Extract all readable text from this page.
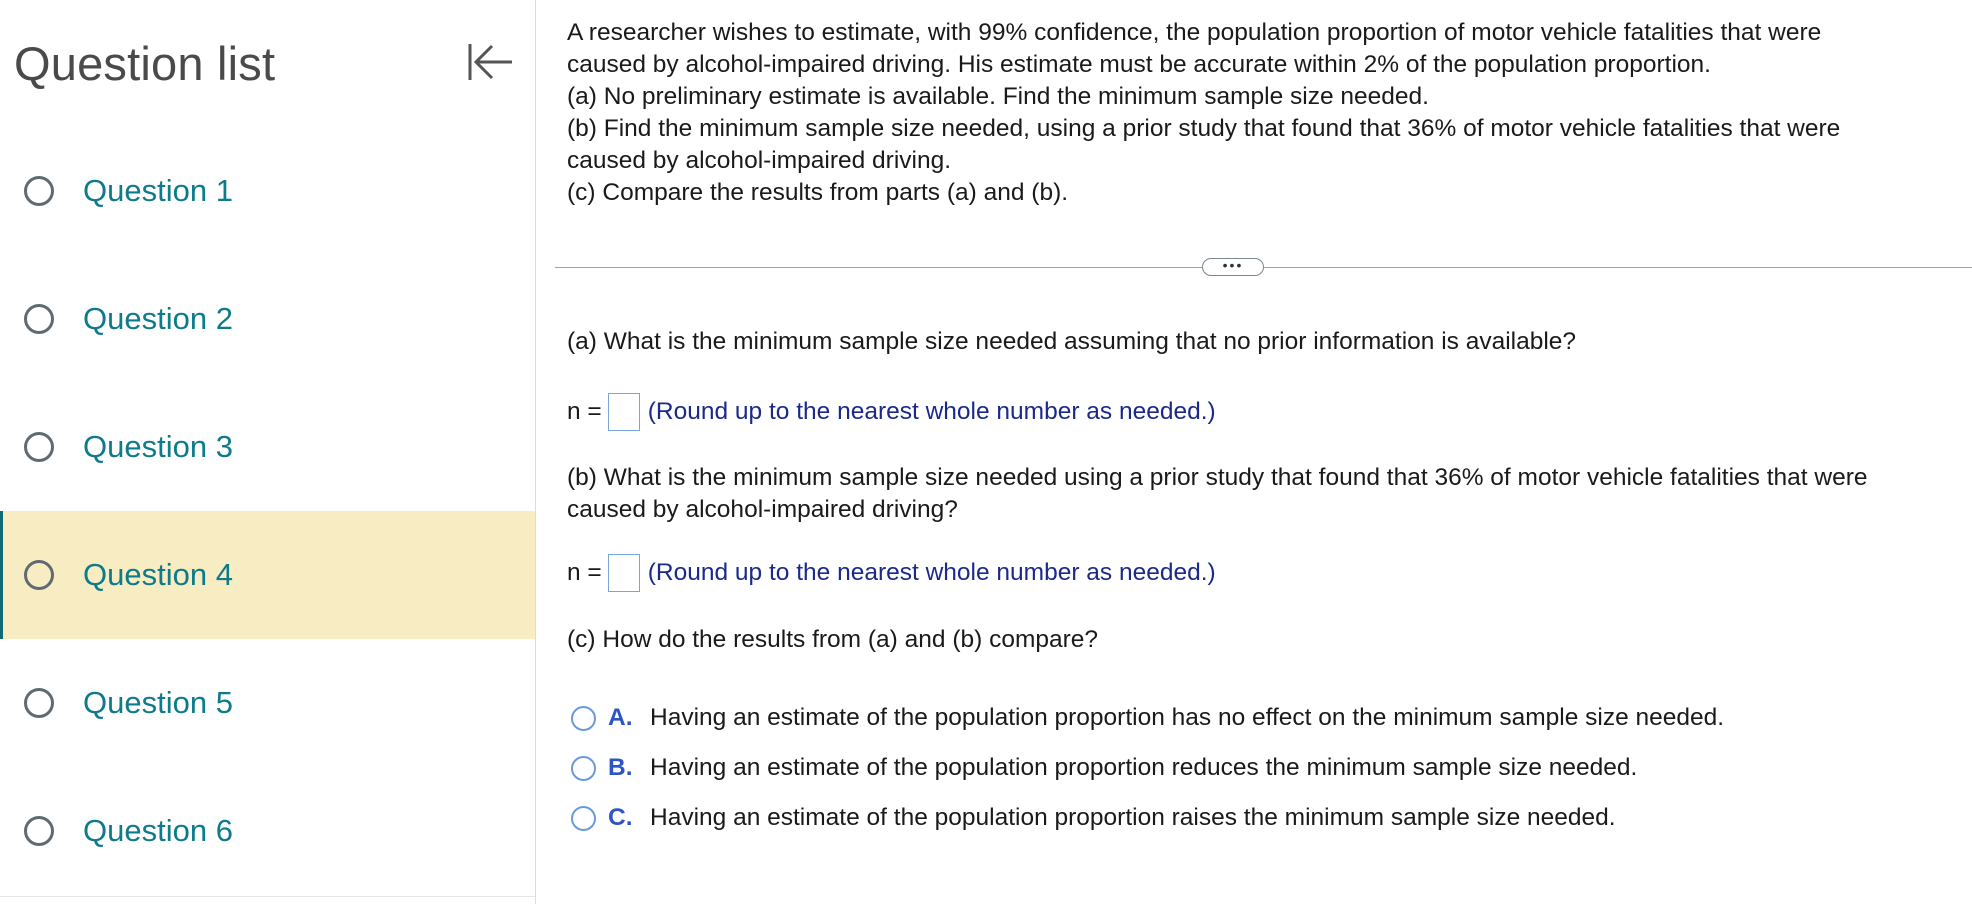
Question list
Question 1
Question 2
Question 3
Question 4
Question 5
Question 6
A researcher wishes to estimate, with 99% confidence, the population proportion of motor vehicle fatalities that were
caused by alcohol-impaired driving. His estimate must be accurate within 2% of the population proportion.
(a) No preliminary estimate is available. Find the minimum sample size needed.
(b) Find the minimum sample size needed, using a prior study that found that 36% of motor vehicle fatalities that were
caused by alcohol-impaired driving.
(c) Compare the results from parts (a) and (b).
•••
(a) What is the minimum sample size needed assuming that no prior information is available?
n = (Round up to the nearest whole number as needed.)
(b) What is the minimum sample size needed using a prior study that found that 36% of motor vehicle fatalities that were
caused by alcohol-impaired driving?
n = (Round up to the nearest whole number as needed.)
(c) How do the results from (a) and (b) compare?
A. Having an estimate of the population proportion has no effect on the minimum sample size needed.
B. Having an estimate of the population proportion reduces the minimum sample size needed.
C. Having an estimate of the population proportion raises the minimum sample size needed.
